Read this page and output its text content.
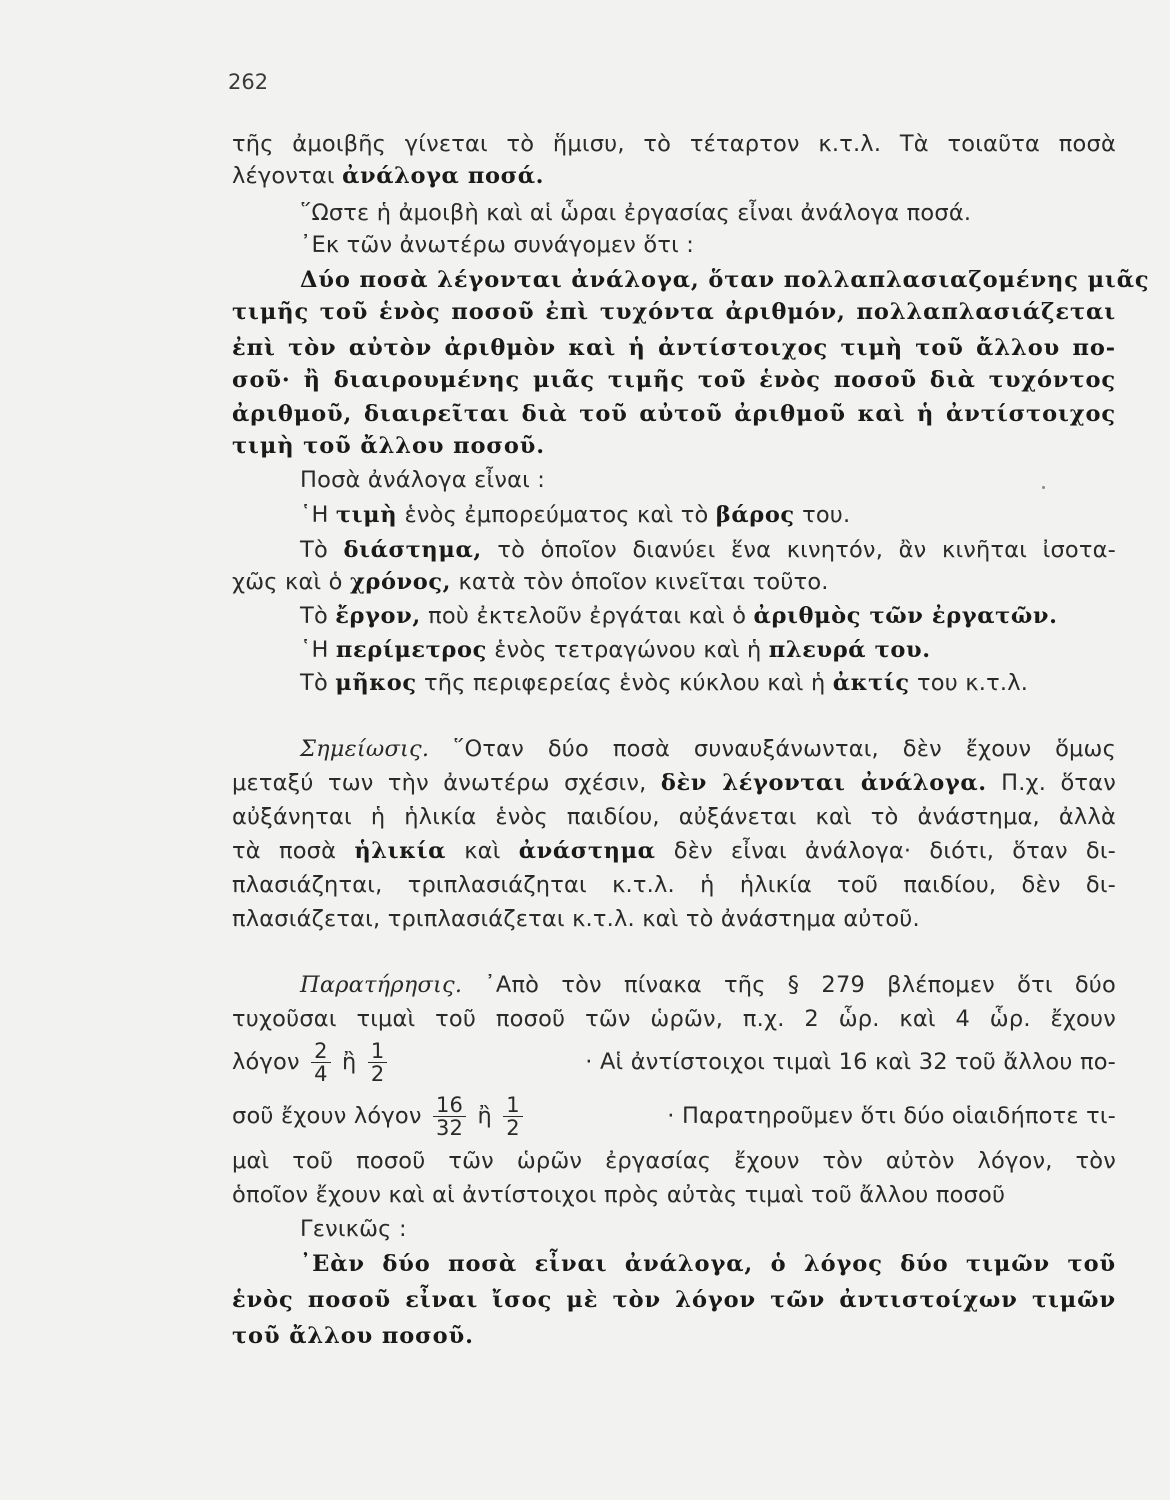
262
τῆς ἀμοιβῆς γίνεται τὸ ἥμισυ, τὸ τέταρτον κ.τ.λ. Τὰ τοιαῦτα ποσὰ
λέγονται ἀνάλογα ποσά.
῞Ωστε ἡ ἀμοιβὴ καὶ αἱ ὧραι ἐργασίας εἶναι ἀνάλογα ποσά.
᾽Εκ τῶν ἀνωτέρω συνάγομεν ὅτι :
Δύο ποσὰ λέγονται ἀνάλογα, ὅταν πολλαπλασιαζομένης μιᾶς
τιμῆς τοῦ ἑνὸς ποσοῦ ἐπὶ τυχόντα ἀριθμόν, πολλαπλασιάζεται
ἐπὶ τὸν αὐτὸν ἀριθμὸν καὶ ἡ ἀντίστοιχος τιμὴ τοῦ ἄλλου πο-
σοῦ· ἢ διαιρουμένης μιᾶς τιμῆς τοῦ ἑνὸς ποσοῦ διὰ τυχόντος
ἀριθμοῦ, διαιρεῖται διὰ τοῦ αὐτοῦ ἀριθμοῦ καὶ ἡ ἀντίστοιχος
τιμὴ τοῦ ἄλλου ποσοῦ.
Ποσὰ ἀνάλογα εἶναι :
῾Η τιμὴ ἑνὸς ἐμπορεύματος καὶ τὸ βάρος του.
Τὸ διάστημα, τὸ ὁποῖον διανύει ἕνα κινητόν, ἂν κινῆται ἰσοτα-
χῶς καὶ ὁ χρόνος, κατὰ τὸν ὁποῖον κινεῖται τοῦτο.
Τὸ ἔργον, ποὺ ἐκτελοῦν ἐργάται καὶ ὁ ἀριθμὸς τῶν ἐργατῶν.
῾Η περίμετρος ἑνὸς τετραγώνου καὶ ἡ πλευρά του.
Τὸ μῆκος τῆς περιφερείας ἑνὸς κύκλου καὶ ἡ ἀκτίς του κ.τ.λ.
Σημείωσις. ῞Οταν δύο ποσὰ συναυξάνωνται, δὲν ἔχουν ὅμως
μεταξύ των τὴν ἀνωτέρω σχέσιν, δὲν λέγονται ἀνάλογα. Π.χ. ὅταν
αὐξάνηται ἡ ἡλικία ἑνὸς παιδίου, αὐξάνεται καὶ τὸ ἀνάστημα, ἀλλὰ
τὰ ποσὰ ἡλικία καὶ ἀνάστημα δὲν εἶναι ἀνάλογα· διότι, ὅταν δι-
πλασιάζηται, τριπλασιάζηται κ.τ.λ. ἡ ἡλικία τοῦ παιδίου, δὲν δι-
πλασιάζεται, τριπλασιάζεται κ.τ.λ. καὶ τὸ ἀνάστημα αὐτοῦ.
Παρατήρησις. ᾽Απὸ τὸν πίνακα τῆς § 279 βλέπομεν ὅτι δύο
τυχοῦσαι τιμαὶ τοῦ ποσοῦ τῶν ὡρῶν, π.χ. 2 ὧρ. καὶ 4 ὧρ. ἔχουν
λόγον $\frac{2}{4}$ ἢ $\frac{1}{2}$	· Αἱ ἀντίστοιχοι τιμαὶ 16 καὶ 32 τοῦ ἄλλου πο-
σοῦ ἔχουν λόγον $\frac{16}{32}$ ἢ $\frac{1}{2}$	· Παρατηροῦμεν ὅτι δύο οἱαιδήποτε τι-
μαὶ τοῦ ποσοῦ τῶν ὡρῶν ἐργασίας ἔχουν τὸν αὐτὸν λόγον, τὸν
ὁποῖον ἔχουν καὶ αἱ ἀντίστοιχοι πρὸς αὐτὰς τιμαὶ τοῦ ἄλλου ποσοῦ
Γενικῶς :
᾽Εὰν δύο ποσὰ εἶναι ἀνάλογα, ὁ λόγος δύο τιμῶν τοῦ
ἑνὸς ποσοῦ εἶναι ἴσος μὲ τὸν λόγον τῶν ἀντιστοίχων τιμῶν
τοῦ ἄλλου ποσοῦ.
